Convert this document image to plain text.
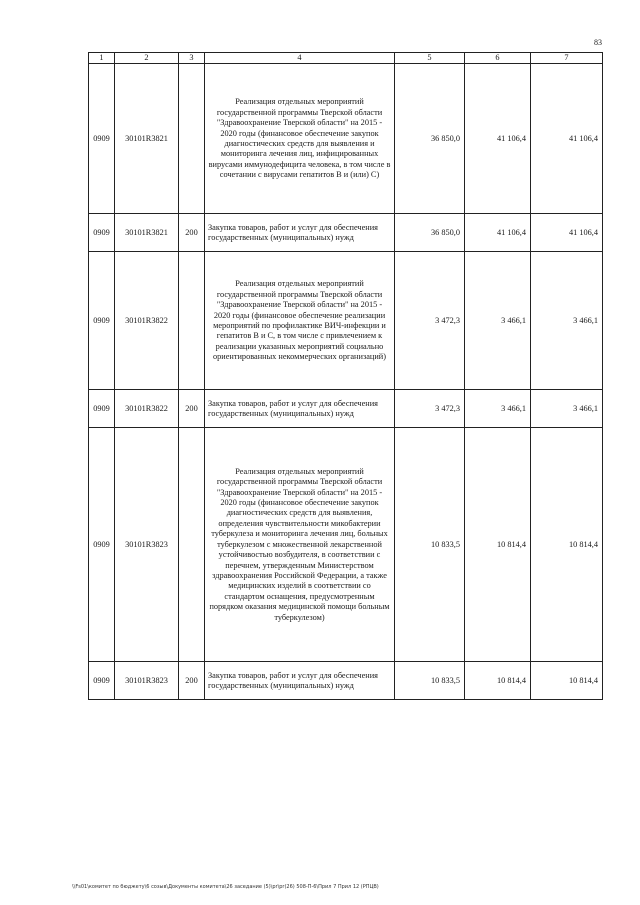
83
1	2	3	4	5	6	7
0909	30101R3821		Реализация отдельных мероприятий государственной программы Тверской области "Здравоохранение Тверской области" на 2015 - 2020 годы (финансовое обеспечение закупок диагностических средств для выявления и мониторинга лечения лиц, инфицированных вирусами иммунодефицита человека, в том числе в сочетании с вирусами гепатитов В и (или) С)	36 850,0	41 106,4	41 106,4
0909	30101R3821	200	Закупка товаров, работ и услуг для обеспечения государственных (муниципальных) нужд	36 850,0	41 106,4	41 106,4
0909	30101R3822		Реализация отдельных мероприятий государственной программы Тверской области "Здравоохранение Тверской области" на 2015 - 2020 годы (финансовое обеспечение реализации мероприятий по профилактике ВИЧ-инфекции и гепатитов В и С, в том числе с привлечением к реализации указанных мероприятий социально ориентированных некоммерческих организаций)	3 472,3	3 466,1	3 466,1
0909	30101R3822	200	Закупка товаров, работ и услуг для обеспечения государственных (муниципальных) нужд	3 472,3	3 466,1	3 466,1
0909	30101R3823		Реализация отдельных мероприятий государственной программы Тверской области "Здравоохранение Тверской области" на 2015 - 2020 годы (финансовое обеспечение закупок диагностических средств для выявления, определения чувствительности микобактерии туберкулеза и мониторинга лечения лиц, больных туберкулезом с множественной лекарственной устойчивостью возбудителя, в соответствии с перечнем, утвержденным Министерством здравоохранения Российской Федерации, а также медицинских изделий в соответствии со стандартом оснащения, предусмотренным порядком оказания медицинской помощи больным туберкулезом)	10 833,5	10 814,4	10 814,4
0909	30101R3823	200	Закупка товаров, работ и услуг для обеспечения государственных (муниципальных) нужд	10 833,5	10 814,4	10 814,4
\\Fs01\комитет по бюджету\6 созыв\Документы комитета\26 заседание (5)\pr\pr(26) 508-П-6\Прил 7 Прил 12 (РПЦВ)
